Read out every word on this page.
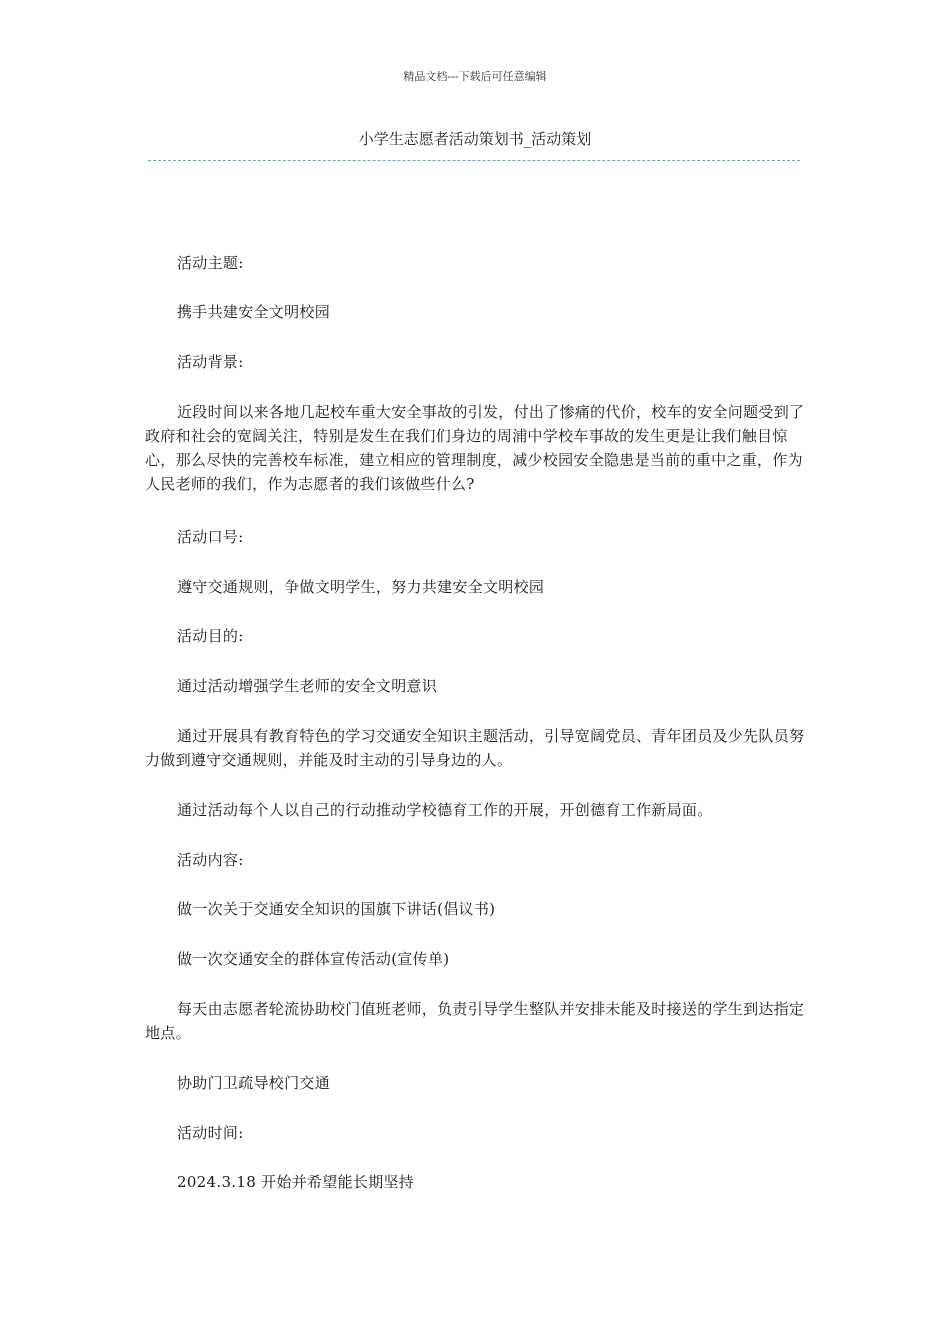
精品文档---下载后可任意编辑
小学生志愿者活动策划书_活动策划

活动主题:

携手共建安全文明校园

活动背景:

近段时间以来各地几起校车重大安全事故的引发，付出了惨痛的代价，校车的安全问题受到了政府和社会的宽阔关注，特别是发生在我们们身边的周浦中学校车事故的发生更是让我们触目惊心，那么尽快的完善校车标准，建立相应的管理制度，减少校园安全隐患是当前的重中之重，作为人民老师的我们，作为志愿者的我们该做些什么?

活动口号:

遵守交通规则，争做文明学生，努力共建安全文明校园

活动目的:

通过活动增强学生老师的安全文明意识

通过开展具有教育特色的学习交通安全知识主题活动，引导宽阔党员、青年团员及少先队员努力做到遵守交通规则，并能及时主动的引导身边的人。

通过活动每个人以自己的行动推动学校德育工作的开展，开创德育工作新局面。

活动内容:

做一次关于交通安全知识的国旗下讲话(倡议书)

做一次交通安全的群体宣传活动(宣传单)

每天由志愿者轮流协助校门值班老师，负责引导学生整队并安排未能及时接送的学生到达指定地点。

协助门卫疏导校门交通

活动时间:

2024.3.18 开始并希望能长期坚持
